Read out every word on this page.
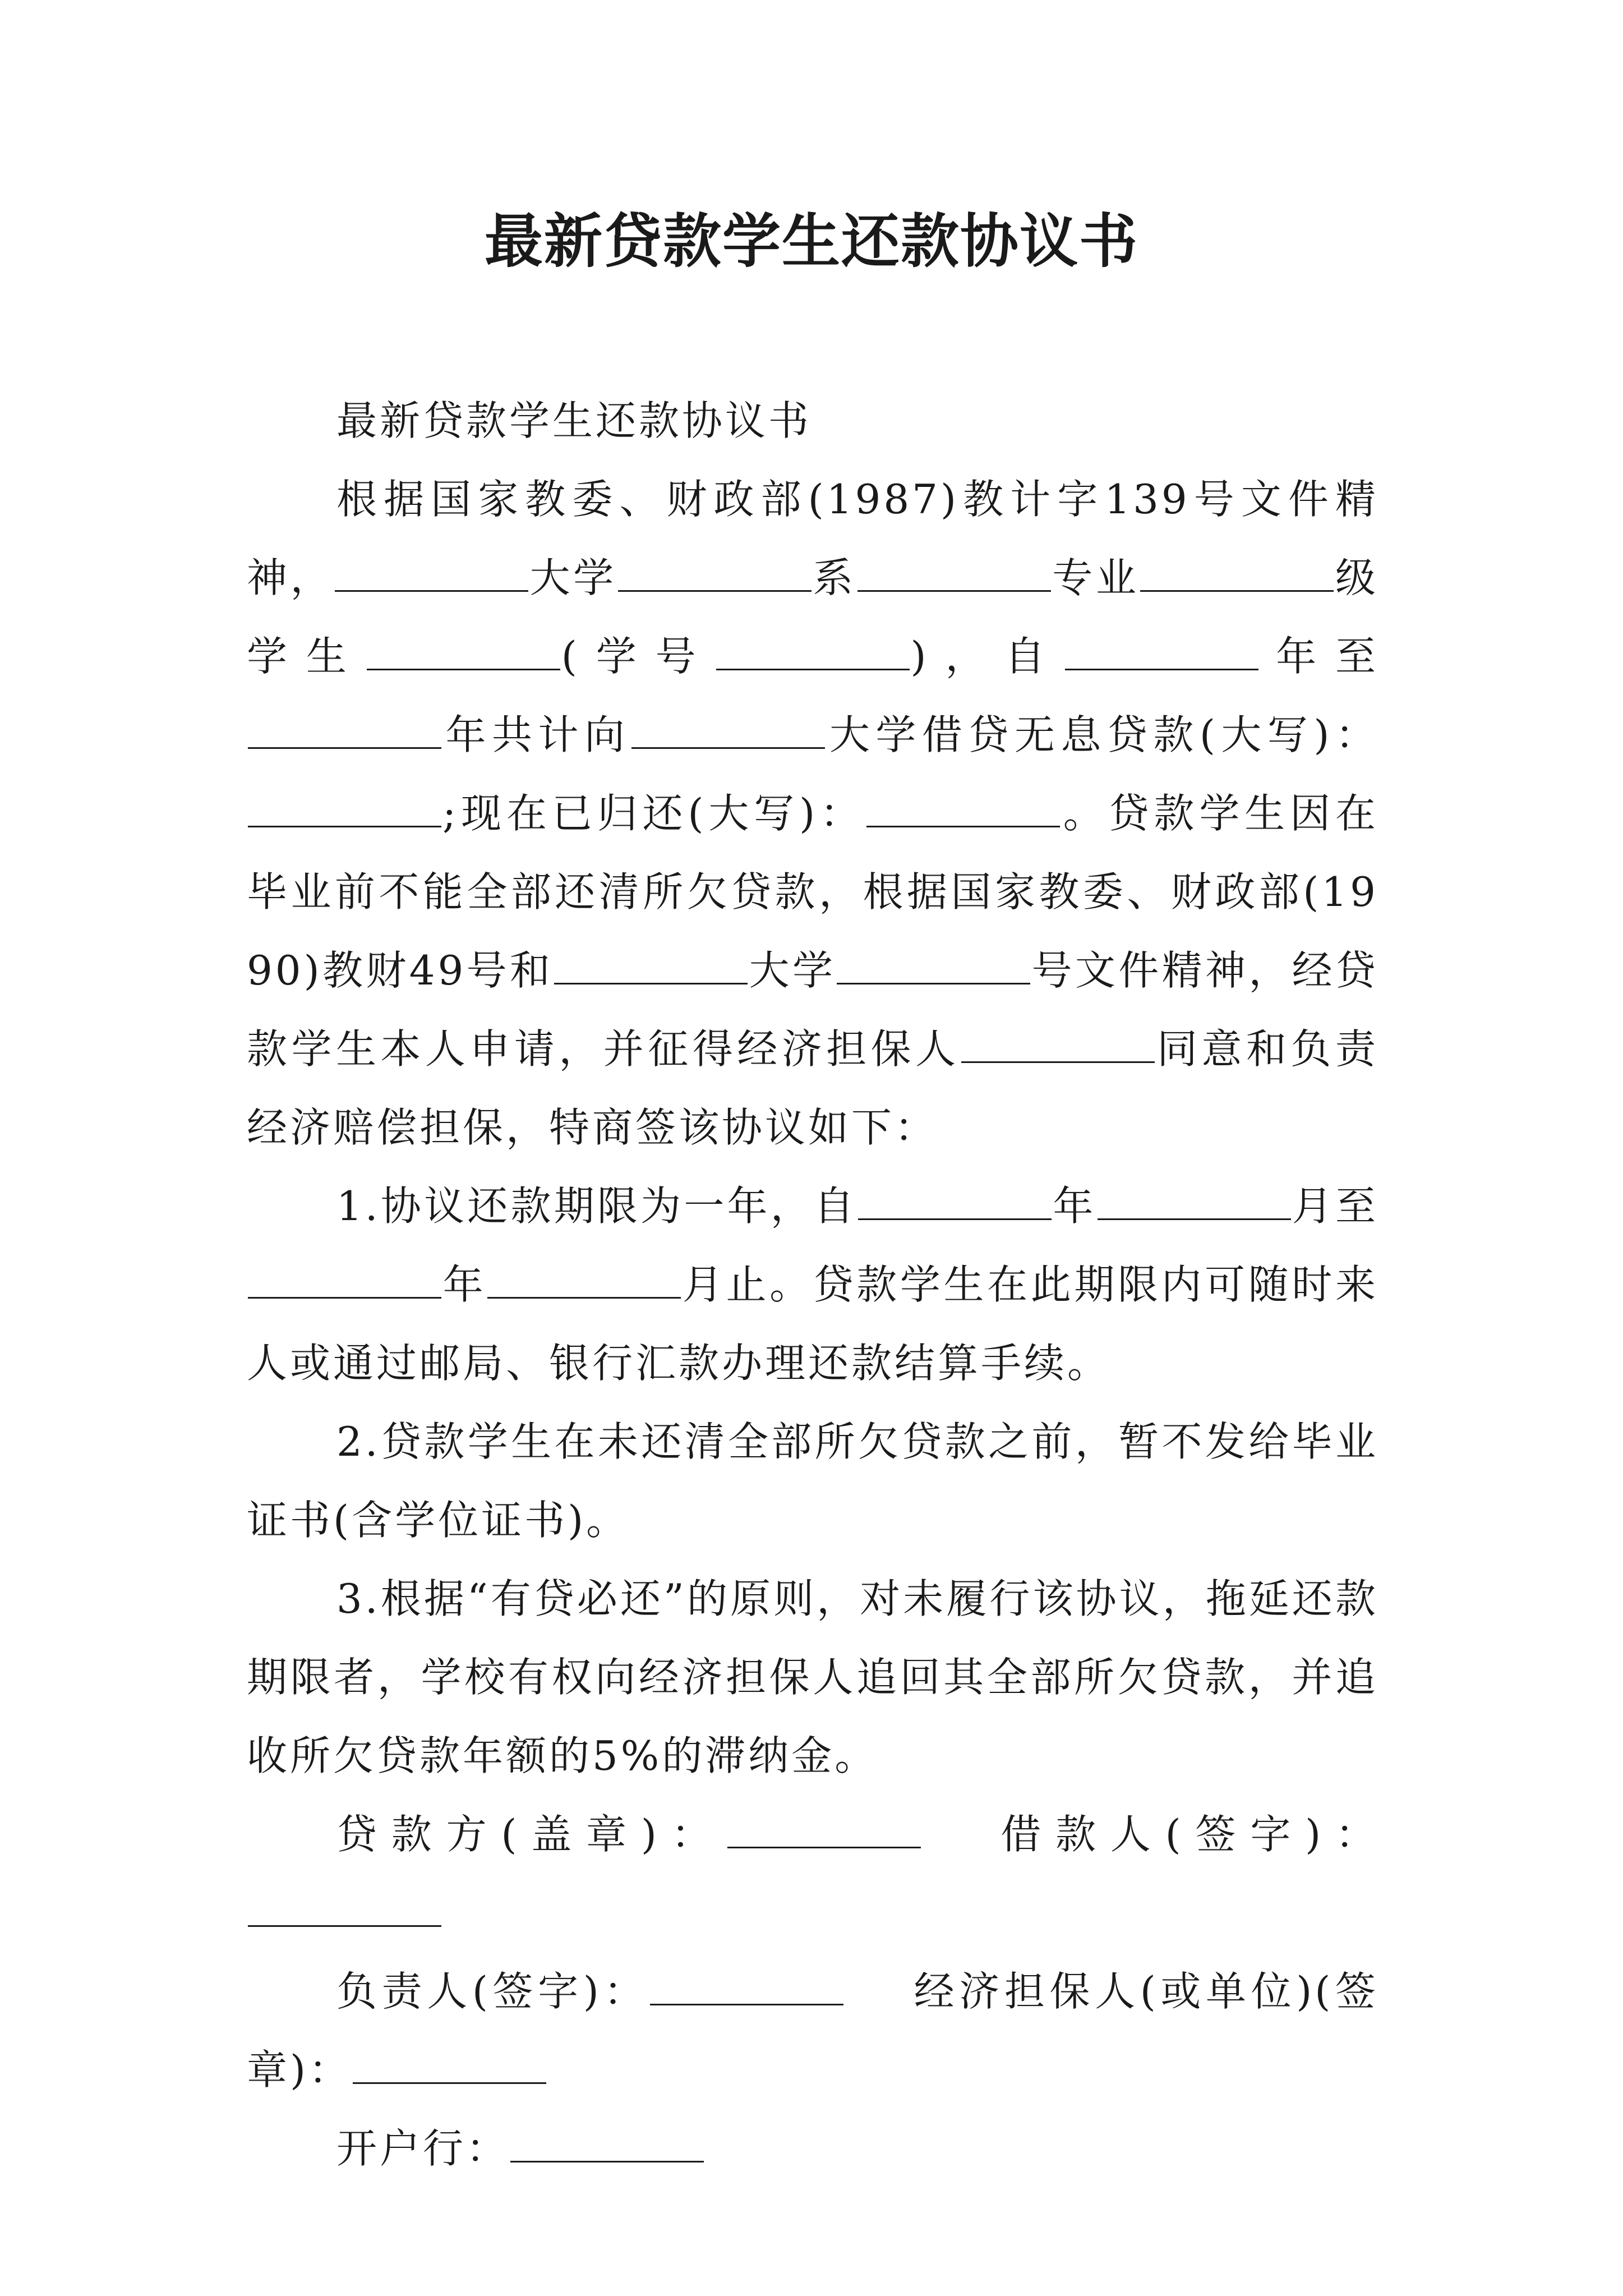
最新贷款学生还款协议书

最新贷款学生还款协议书

根据国家教委、财政部(1987)教计字139号文件精神，	大学	系	专业	级学生	(学号	)，自	年至年共计向	大学借贷无息贷款(大写)：;现在已归还(大写)：	。贷款学生因在毕业前不能全部还清所欠贷款，根据国家教委、财政部(1990)教财49号和	大学	号文件精神，经贷款学生本人申请，并征得经济担保人	同意和负责经济赔偿担保，特商签该协议如下：

1.协议还款期限为一年，自	年	月至年	月止。贷款学生在此期限内可随时来人或通过邮局、银行汇款办理还款结算手续。

2.贷款学生在未还清全部所欠贷款之前，暂不发给毕业证书(含学位证书)。

3.根据“有贷必还”的原则，对未履行该协议，拖延还款期限者，学校有权向经济担保人追回其全部所欠贷款，并追收所欠贷款年额的5%的滞纳金。

贷款方(盖章)：	借款人(签字)：

负责人(签字)：	经济担保人(或单位)(签章)：

开户行：
